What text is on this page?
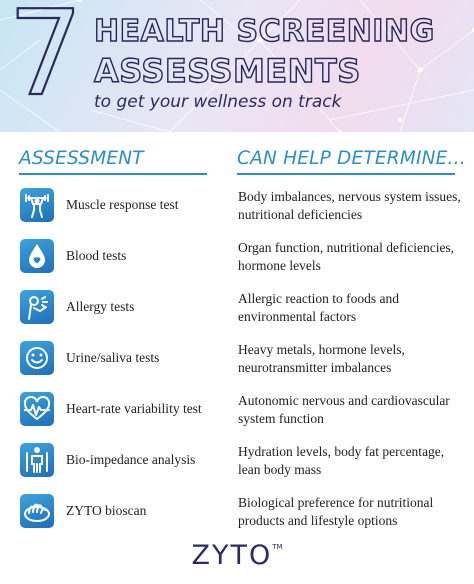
7 HEALTH SCREENING
ASSESSMENTS
to get your wellness on track
ASSESSMENT	CAN HELP DETERMINE...
Muscle response test
Body imbalances, nervous system issues, nutritional deficiencies
Blood tests
Organ function, nutritional deficiencies, hormone levels
Allergy tests
Allergic reaction to foods and environmental factors
Urine/saliva tests
Heavy metals, hormone levels, neurotransmitter imbalances
Heart-rate variability test
Autonomic nervous and cardiovascular system function
Bio-impedance analysis
Hydration levels, body fat percentage, lean body mass
ZYTO bioscan
Biological preference for nutritional products and lifestyle options
ZYTO™
